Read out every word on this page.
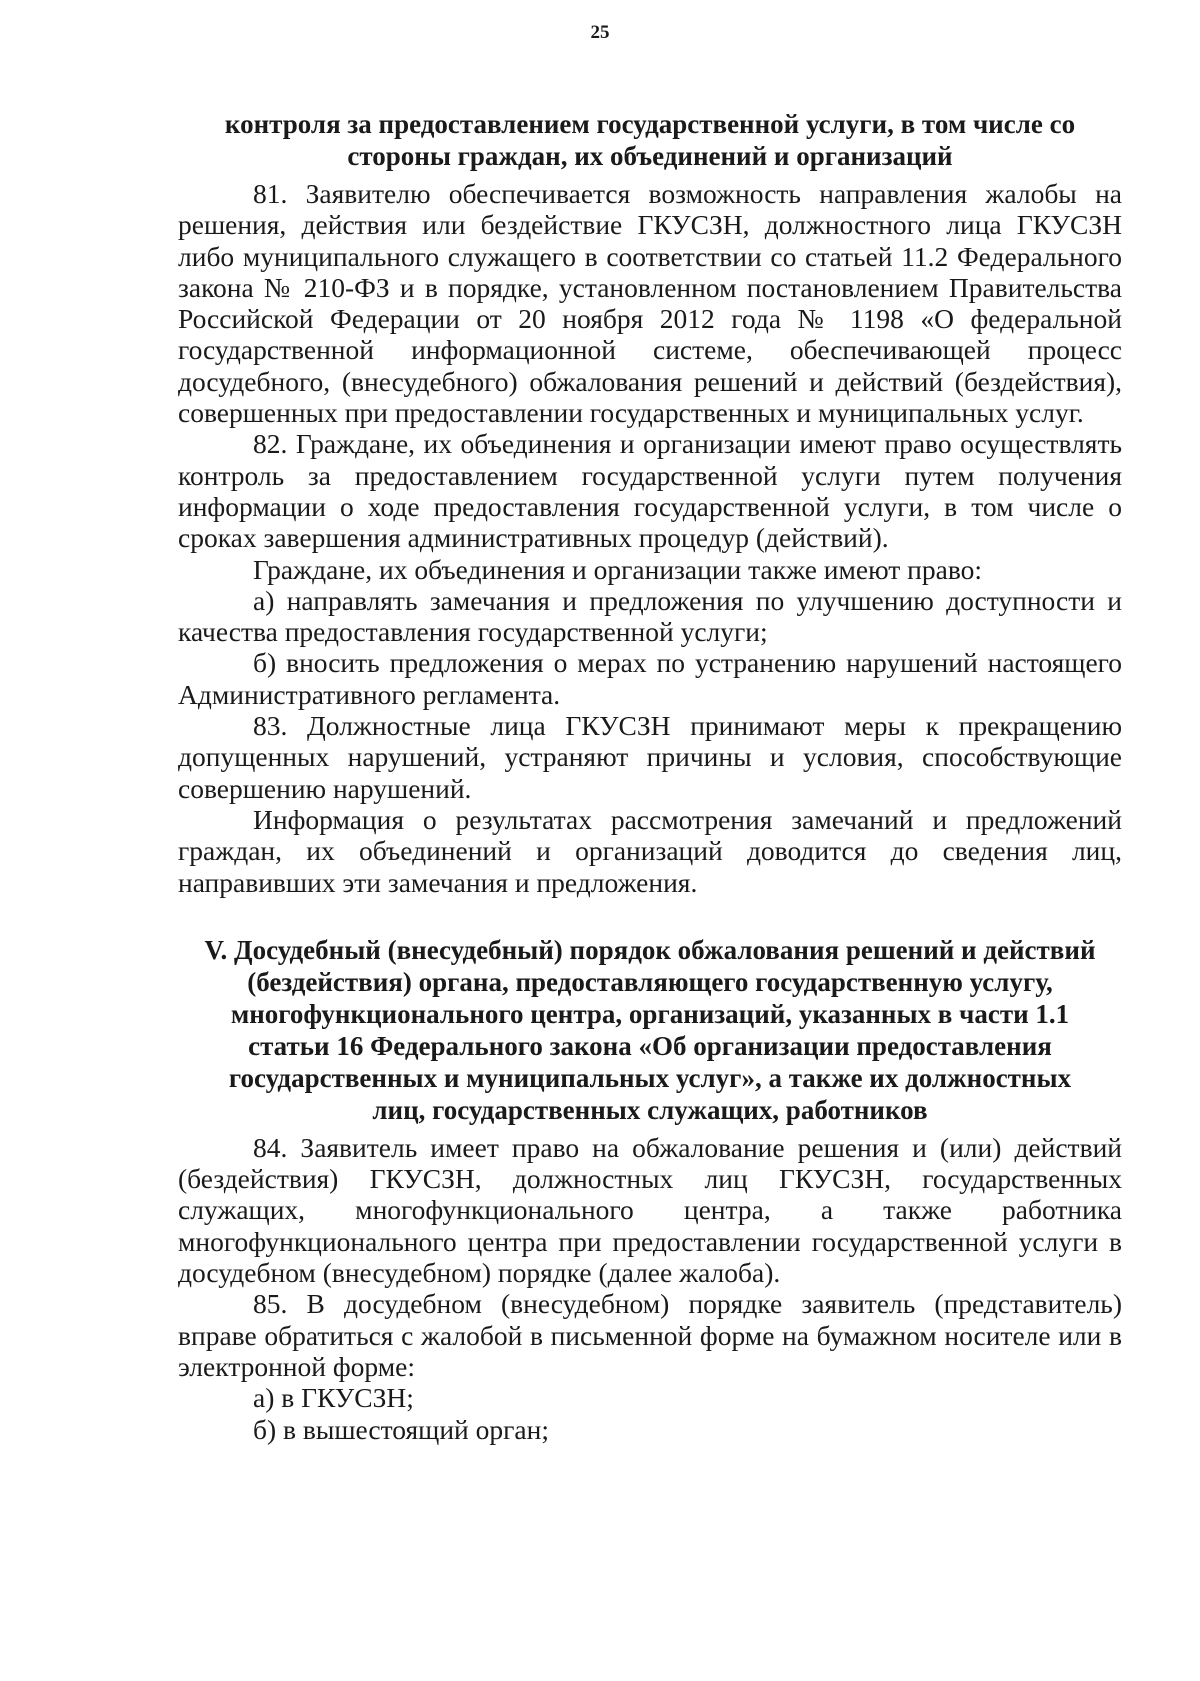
25
контроля за предоставлением государственной услуги, в том числе со
стороны граждан, их объединений и организаций

81. Заявителю обеспечивается возможность направления жалобы на решения, действия или бездействие ГКУСЗН, должностного лица ГКУСЗН либо муниципального служащего в соответствии со статьей 11.2 Федерального закона № 210-ФЗ и в порядке, установленном постановлением Правительства Российской Федерации от 20 ноября 2012 года № 1198 «О федеральной государственной информационной системе, обеспечивающей процесс досудебного, (внесудебного) обжалования решений и действий (бездействия), совершенных при предоставлении государственных и муниципальных услуг.

82. Граждане, их объединения и организации имеют право осуществлять контроль за предоставлением государственной услуги путем получения информации о ходе предоставления государственной услуги, в том числе о сроках завершения административных процедур (действий).

Граждане, их объединения и организации также имеют право:

а) направлять замечания и предложения по улучшению доступности и качества предоставления государственной услуги;

б) вносить предложения о мерах по устранению нарушений настоящего Административного регламента.

83. Должностные лица ГКУСЗН принимают меры к прекращению допущенных нарушений, устраняют причины и условия, способствующие совершению нарушений.

Информация о результатах рассмотрения замечаний и предложений граждан, их объединений и организаций доводится до сведения лиц, направивших эти замечания и предложения.

V. Досудебный (внесудебный) порядок обжалования решений и действий
(бездействия) органа, предоставляющего государственную услугу,
многофункционального центра, организаций, указанных в части 1.1
статьи 16 Федерального закона «Об организации предоставления
государственных и муниципальных услуг», а также их должностных
лиц, государственных служащих, работников

84. Заявитель имеет право на обжалование решения и (или) действий (бездействия) ГКУСЗН, должностных лиц ГКУСЗН, государственных служащих, многофункционального центра, а также работника многофункционального центра при предоставлении государственной услуги в досудебном (внесудебном) порядке (далее жалоба).

85. В досудебном (внесудебном) порядке заявитель (представитель) вправе обратиться с жалобой в письменной форме на бумажном носителе или в электронной форме:

а) в ГКУСЗН;

б) в вышестоящий орган;
